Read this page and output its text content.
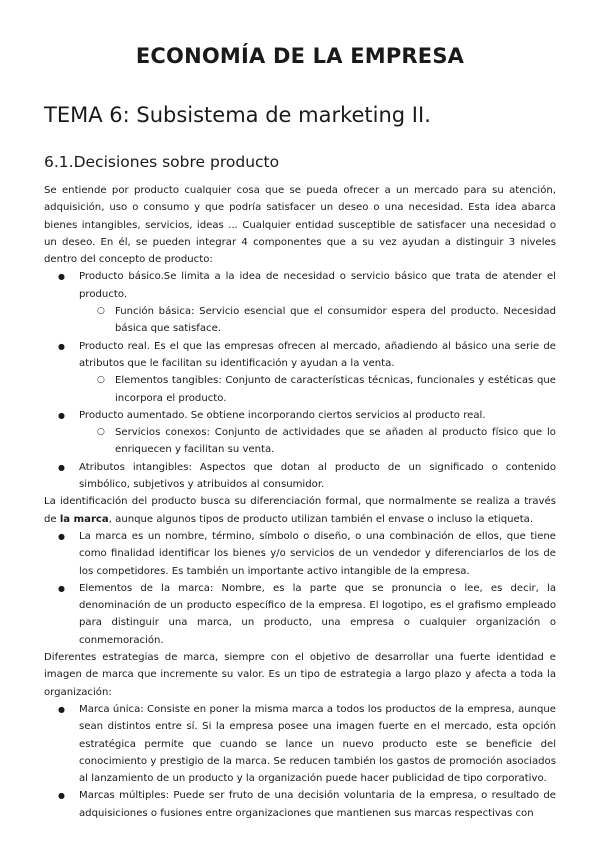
ECONOMÍA DE LA EMPRESA
TEMA 6: Subsistema de marketing II.
6.1.Decisiones sobre producto

Se entiende por producto cualquier cosa que se pueda ofrecer a un mercado para su atención, adquisición, uso o consumo y que podría satisfacer un deseo o una necesidad. Esta idea abarca bienes intangibles, servicios, ideas ... Cualquier entidad susceptible de satisfacer una necesidad o un deseo. En él, se pueden integrar 4 componentes que a su vez ayudan a distinguir 3 niveles dentro del concepto de producto:

● Producto básico.Se limita a la idea de necesidad o servicio básico que trata de atender el producto.
○ Función básica: Servicio esencial que el consumidor espera del producto. Necesidad básica que satisface.
● Producto real. Es el que las empresas ofrecen al mercado, añadiendo al básico una serie de atributos que le facilitan su identificación y ayudan a la venta.
○ Elementos tangibles: Conjunto de características técnicas, funcionales y estéticas que incorpora el producto.
● Producto aumentado. Se obtiene incorporando ciertos servicios al producto real.
○ Servicios conexos: Conjunto de actividades que se añaden al producto físico que lo enriquecen y facilitan su venta.
● Atributos intangibles: Aspectos que dotan al producto de un significado o contenido simbólico, subjetivos y atribuidos al consumidor.

La identificación del producto busca su diferenciación formal, que normalmente se realiza a través de la marca, aunque algunos tipos de producto utilizan también el envase o incluso la etiqueta.

● La marca es un nombre, término, símbolo o diseño, o una combinación de ellos, que tiene como finalidad identificar los bienes y/o servicios de un vendedor y diferenciarlos de los de los competidores. Es también un importante activo intangible de la empresa.
● Elementos de la marca: Nombre, es la parte que se pronuncia o lee, es decir, la denominación de un producto específico de la empresa. El logotipo, es el grafismo empleado para distinguir una marca, un producto, una empresa o cualquier organización o conmemoración.

Diferentes estrategias de marca, siempre con el objetivo de desarrollar una fuerte identidad e imagen de marca que incremente su valor. Es un tipo de estrategia a largo plazo y afecta a toda la organización:

● Marca única: Consiste en poner la misma marca a todos los productos de la empresa, aunque sean distintos entre sí. Si la empresa posee una imagen fuerte en el mercado, esta opción estratégica permite que cuando se lance un nuevo producto este se beneficie del conocimiento y prestigio de la marca. Se reducen también los gastos de promoción asociados al lanzamiento de un producto y la organización puede hacer publicidad de tipo corporativo.
● Marcas múltiples: Puede ser fruto de una decisión voluntaria de la empresa, o resultado de adquisiciones o fusiones entre organizaciones que mantienen sus marcas respectivas con
